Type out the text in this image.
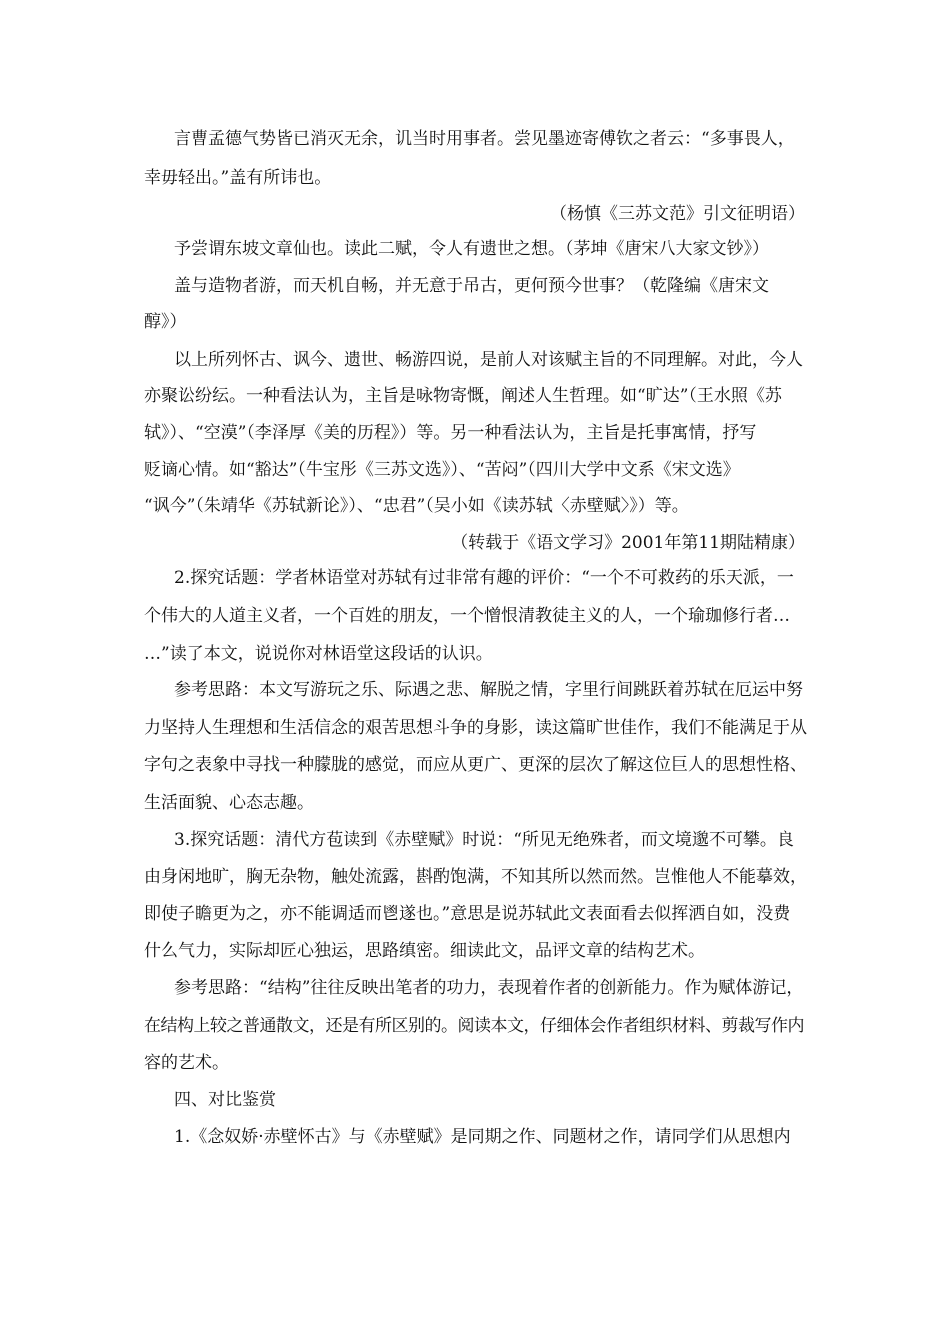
言曹孟德气势皆已消灭无余，讥当时用事者。尝见墨迹寄傅钦之者云：“多事畏人，
幸毋轻出。”盖有所讳也。
（杨慎《三苏文范》引文征明语）
予尝谓东坡文章仙也。读此二赋，令人有遗世之想。（茅坤《唐宋八大家文钞》）
盖与造物者游，而天机自畅，并无意于吊古，更何预今世事？（乾隆编《唐宋文
醇》）
以上所列怀古、讽今、遗世、畅游四说，是前人对该赋主旨的不同理解。对此，今人
亦聚讼纷纭。一种看法认为，主旨是咏物寄慨，阐述人生哲理。如“旷达”（王水照《苏
轼》）、“空漠”（李泽厚《美的历程》）等。另一种看法认为，主旨是托事寓情，抒写
贬谪心情。如“豁达”（牛宝彤《三苏文选》）、“苦闷”（四川大学中文系《宋文选》
“讽今”（朱靖华《苏轼新论》）、“忠君”（吴小如《读苏轼〈赤壁赋〉》）等。
（转载于《语文学习》2001年第11期陆精康）
2.探究话题：学者林语堂对苏轼有过非常有趣的评价：“一个不可救药的乐天派，一
个伟大的人道主义者，一个百姓的朋友，一个憎恨清教徒主义的人，一个瑜珈修行者…
…”读了本文，说说你对林语堂这段话的认识。
参考思路：本文写游玩之乐、际遇之悲、解脱之情，字里行间跳跃着苏轼在厄运中努
力坚持人生理想和生活信念的艰苦思想斗争的身影，读这篇旷世佳作，我们不能满足于从
字句之表象中寻找一种朦胧的感觉，而应从更广、更深的层次了解这位巨人的思想性格、
生活面貌、心态志趣。
3.探究话题：清代方苞读到《赤壁赋》时说：“所见无绝殊者，而文境邈不可攀。良
由身闲地旷，胸无杂物，触处流露，斟酌饱满，不知其所以然而然。岂惟他人不能摹效，
即使子瞻更为之，亦不能调适而鬯遂也。”意思是说苏轼此文表面看去似挥洒自如，没费
什么气力，实际却匠心独运，思路缜密。细读此文，品评文章的结构艺术。
参考思路：“结构”往往反映出笔者的功力，表现着作者的创新能力。作为赋体游记，
在结构上较之普通散文，还是有所区别的。阅读本文，仔细体会作者组织材料、剪裁写作内
容的艺术。
四、对比鉴赏
1.《念奴娇·赤壁怀古》与《赤壁赋》是同期之作、同题材之作，请同学们从思想内
